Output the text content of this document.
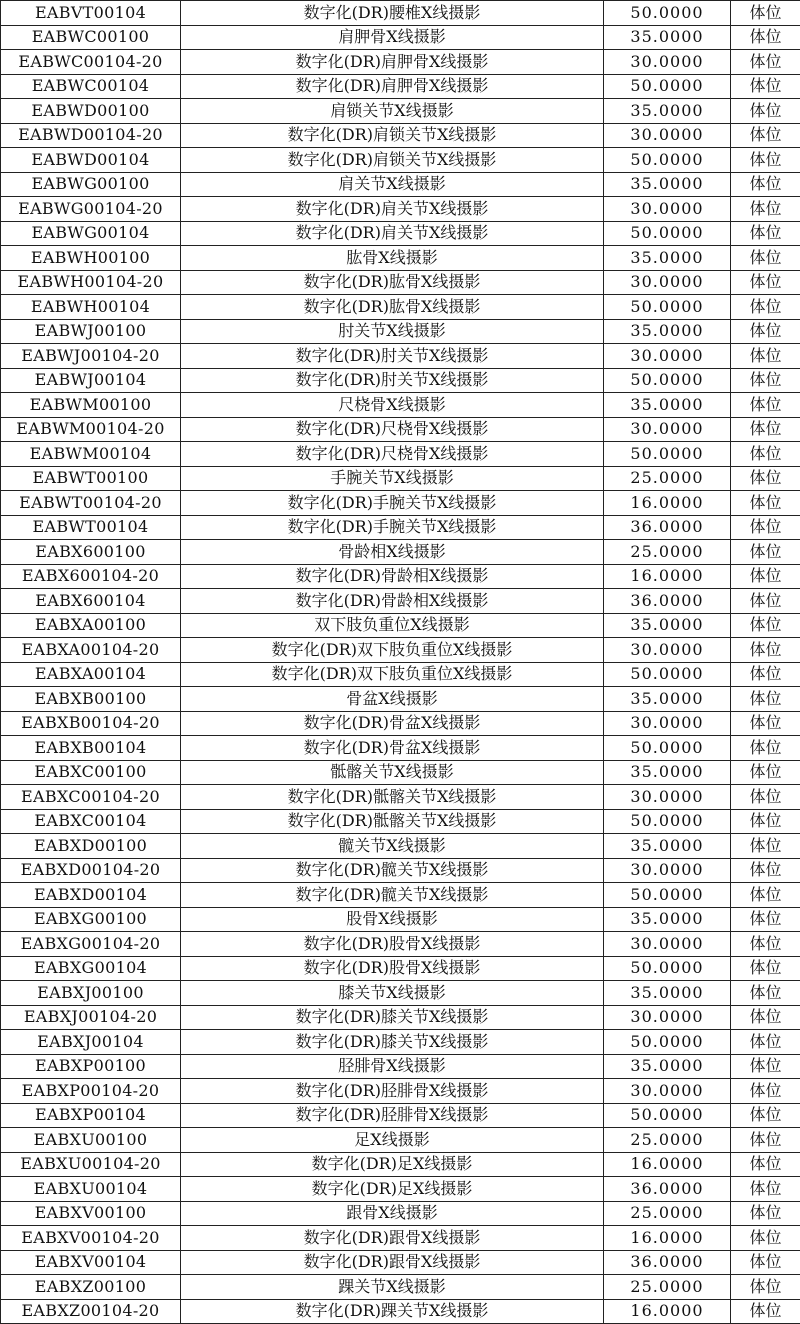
EABVT00104	数字化(DR)腰椎X线摄影	50.0000	体位
EABWC00100	肩胛骨X线摄影	35.0000	体位
EABWC00104-20	数字化(DR)肩胛骨X线摄影	30.0000	体位
EABWC00104	数字化(DR)肩胛骨X线摄影	50.0000	体位
EABWD00100	肩锁关节X线摄影	35.0000	体位
EABWD00104-20	数字化(DR)肩锁关节X线摄影	30.0000	体位
EABWD00104	数字化(DR)肩锁关节X线摄影	50.0000	体位
EABWG00100	肩关节X线摄影	35.0000	体位
EABWG00104-20	数字化(DR)肩关节X线摄影	30.0000	体位
EABWG00104	数字化(DR)肩关节X线摄影	50.0000	体位
EABWH00100	肱骨X线摄影	35.0000	体位
EABWH00104-20	数字化(DR)肱骨X线摄影	30.0000	体位
EABWH00104	数字化(DR)肱骨X线摄影	50.0000	体位
EABWJ00100	肘关节X线摄影	35.0000	体位
EABWJ00104-20	数字化(DR)肘关节X线摄影	30.0000	体位
EABWJ00104	数字化(DR)肘关节X线摄影	50.0000	体位
EABWM00100	尺桡骨X线摄影	35.0000	体位
EABWM00104-20	数字化(DR)尺桡骨X线摄影	30.0000	体位
EABWM00104	数字化(DR)尺桡骨X线摄影	50.0000	体位
EABWT00100	手腕关节X线摄影	25.0000	体位
EABWT00104-20	数字化(DR)手腕关节X线摄影	16.0000	体位
EABWT00104	数字化(DR)手腕关节X线摄影	36.0000	体位
EABX600100	骨龄相X线摄影	25.0000	体位
EABX600104-20	数字化(DR)骨龄相X线摄影	16.0000	体位
EABX600104	数字化(DR)骨龄相X线摄影	36.0000	体位
EABXA00100	双下肢负重位X线摄影	35.0000	体位
EABXA00104-20	数字化(DR)双下肢负重位X线摄影	30.0000	体位
EABXA00104	数字化(DR)双下肢负重位X线摄影	50.0000	体位
EABXB00100	骨盆X线摄影	35.0000	体位
EABXB00104-20	数字化(DR)骨盆X线摄影	30.0000	体位
EABXB00104	数字化(DR)骨盆X线摄影	50.0000	体位
EABXC00100	骶髂关节X线摄影	35.0000	体位
EABXC00104-20	数字化(DR)骶髂关节X线摄影	30.0000	体位
EABXC00104	数字化(DR)骶髂关节X线摄影	50.0000	体位
EABXD00100	髋关节X线摄影	35.0000	体位
EABXD00104-20	数字化(DR)髋关节X线摄影	30.0000	体位
EABXD00104	数字化(DR)髋关节X线摄影	50.0000	体位
EABXG00100	股骨X线摄影	35.0000	体位
EABXG00104-20	数字化(DR)股骨X线摄影	30.0000	体位
EABXG00104	数字化(DR)股骨X线摄影	50.0000	体位
EABXJ00100	膝关节X线摄影	35.0000	体位
EABXJ00104-20	数字化(DR)膝关节X线摄影	30.0000	体位
EABXJ00104	数字化(DR)膝关节X线摄影	50.0000	体位
EABXP00100	胫腓骨X线摄影	35.0000	体位
EABXP00104-20	数字化(DR)胫腓骨X线摄影	30.0000	体位
EABXP00104	数字化(DR)胫腓骨X线摄影	50.0000	体位
EABXU00100	足X线摄影	25.0000	体位
EABXU00104-20	数字化(DR)足X线摄影	16.0000	体位
EABXU00104	数字化(DR)足X线摄影	36.0000	体位
EABXV00100	跟骨X线摄影	25.0000	体位
EABXV00104-20	数字化(DR)跟骨X线摄影	16.0000	体位
EABXV00104	数字化(DR)跟骨X线摄影	36.0000	体位
EABXZ00100	踝关节X线摄影	25.0000	体位
EABXZ00104-20	数字化(DR)踝关节X线摄影	16.0000	体位
